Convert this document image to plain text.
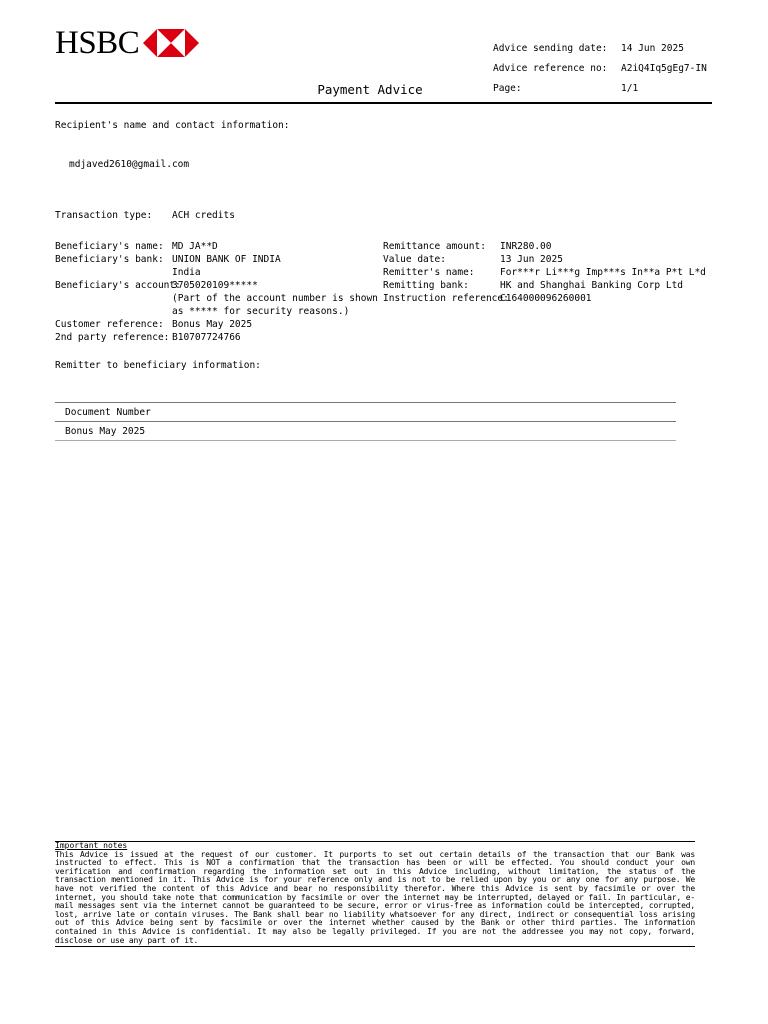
HSBC	Advice sending date: 14 Jun 2025
Advice reference no: A2iQ4Iq5gEg7-IN
Page:	1/1
Payment Advice
Recipient's name and contact information:
mdjaved2610@gmail.com
Transaction type: ACH credits
Beneficiary's name: MD JA**D
Beneficiary's bank: UNION BANK OF INDIA
India
Beneficiary's account:
3705020109*****
(Part of the account number is shown
as ***** for security reasons.)
Customer reference: Bonus May 2025
2nd party reference: B10707724766
Remittance amount: INR280.00
Value date:	13 Jun 2025
Remitter's name:	For***r Li***g Imp***s In**a P*t L*d
Remitting bank:	HK and Shanghai Banking Corp Ltd
Instruction reference:
C164000096260001
Remitter to beneficiary information:
Document Number
Bonus May 2025
Important notes
This Advice is issued at the request of our customer. It purports to set out certain details of the transaction that our Bank was instructed to effect. This is NOT a confirmation that the transaction has been or will be effected. You should conduct your own verification and confirmation regarding the information set out in this Advice including, without limitation, the status of the transaction mentioned in it. This Advice is for your reference only and is not to be relied upon by you or any one for any purpose. We have not verified the content of this Advice and bear no responsibility therefor. Where this Advice is sent by facsimile or over the internet, you should take note that communication by facsimile or over the internet may be interrupted, delayed or fail. In particular, e-mail messages sent via the internet cannot be guaranteed to be secure, error or virus-free as information could be intercepted, corrupted, lost, arrive late or contain viruses. The Bank shall bear no liability whatsoever for any direct, indirect or consequential loss arising out of this Advice being sent by facsimile or over the internet whether caused by the Bank or other third parties. The information contained in this Advice is confidential. It may also be legally privileged. If you are not the addressee you may not copy, forward, disclose or use any part of it.
